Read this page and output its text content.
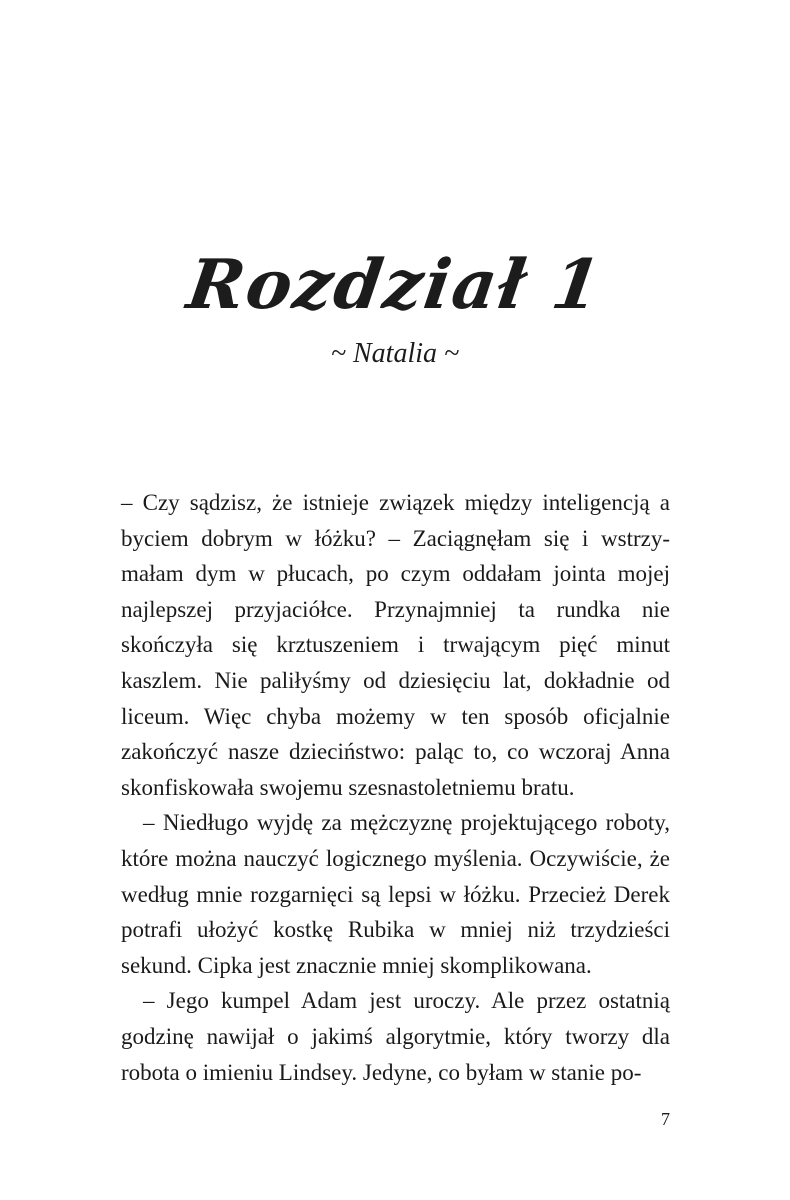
Rozdział 1
~ Natalia ~

– Czy sądzisz, że istnieje związek między inteligencją a byciem dobrym w łóżku? – Zaciągnęłam się i wstrzymałam dym w płucach, po czym oddałam jointa mojej najlepszej przyjaciółce. Przynajmniej ta rundka nie skończyła się krztuszeniem i trwającym pięć minut kaszlem. Nie paliłyśmy od dziesięciu lat, dokładnie od liceum. Więc chyba możemy w ten sposób oficjalnie zakończyć nasze dzieciństwo: paląc to, co wczoraj Anna skonfiskowała swojemu szesnastoletniemu bratu.

– Niedługo wyjdę za mężczyznę projektującego roboty, które można nauczyć logicznego myślenia. Oczywiście, że według mnie rozgarnięci są lepsi w łóżku. Przecież Derek potrafi ułożyć kostkę Rubika w mniej niż trzydzieści sekund. Cipka jest znacznie mniej skomplikowana.

– Jego kumpel Adam jest uroczy. Ale przez ostatnią godzinę nawijał o jakimś algorytmie, który tworzy dla robota o imieniu Lindsey. Jedyne, co byłam w stanie po-

7
